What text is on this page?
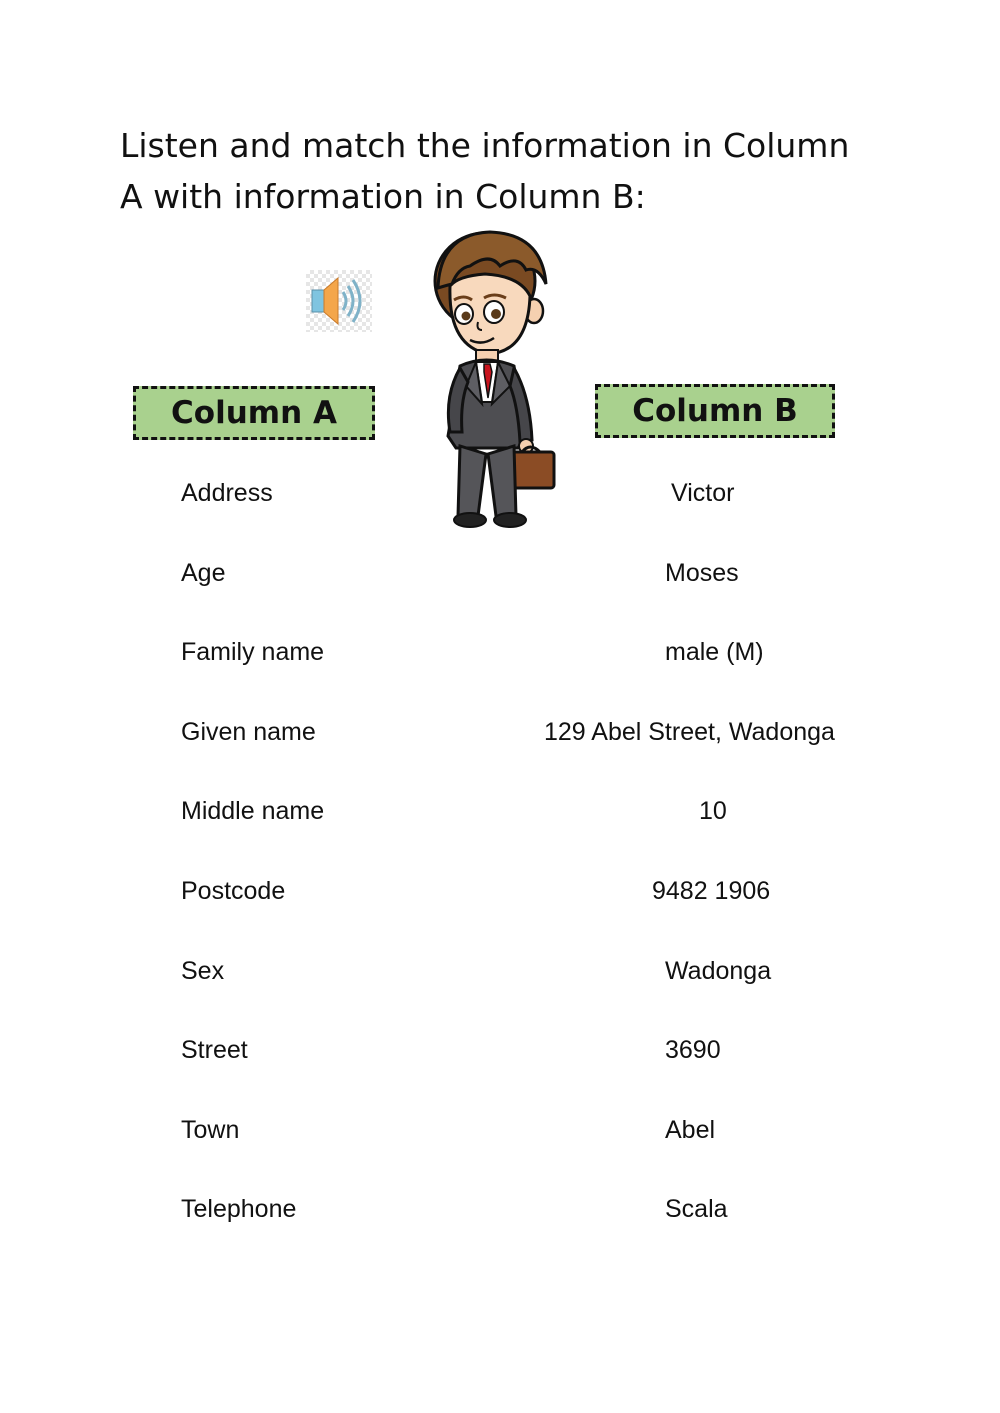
Listen and match the information in Column A with information in Column B:
Column A	Column B
Address
Age
Family name
Given name
Middle name
Postcode
Sex
Street
Town
Telephone
Victor
Moses
male (M)
129 Abel Street, Wadonga
10
9482 1906
Wadonga
3690
Abel
Scala
